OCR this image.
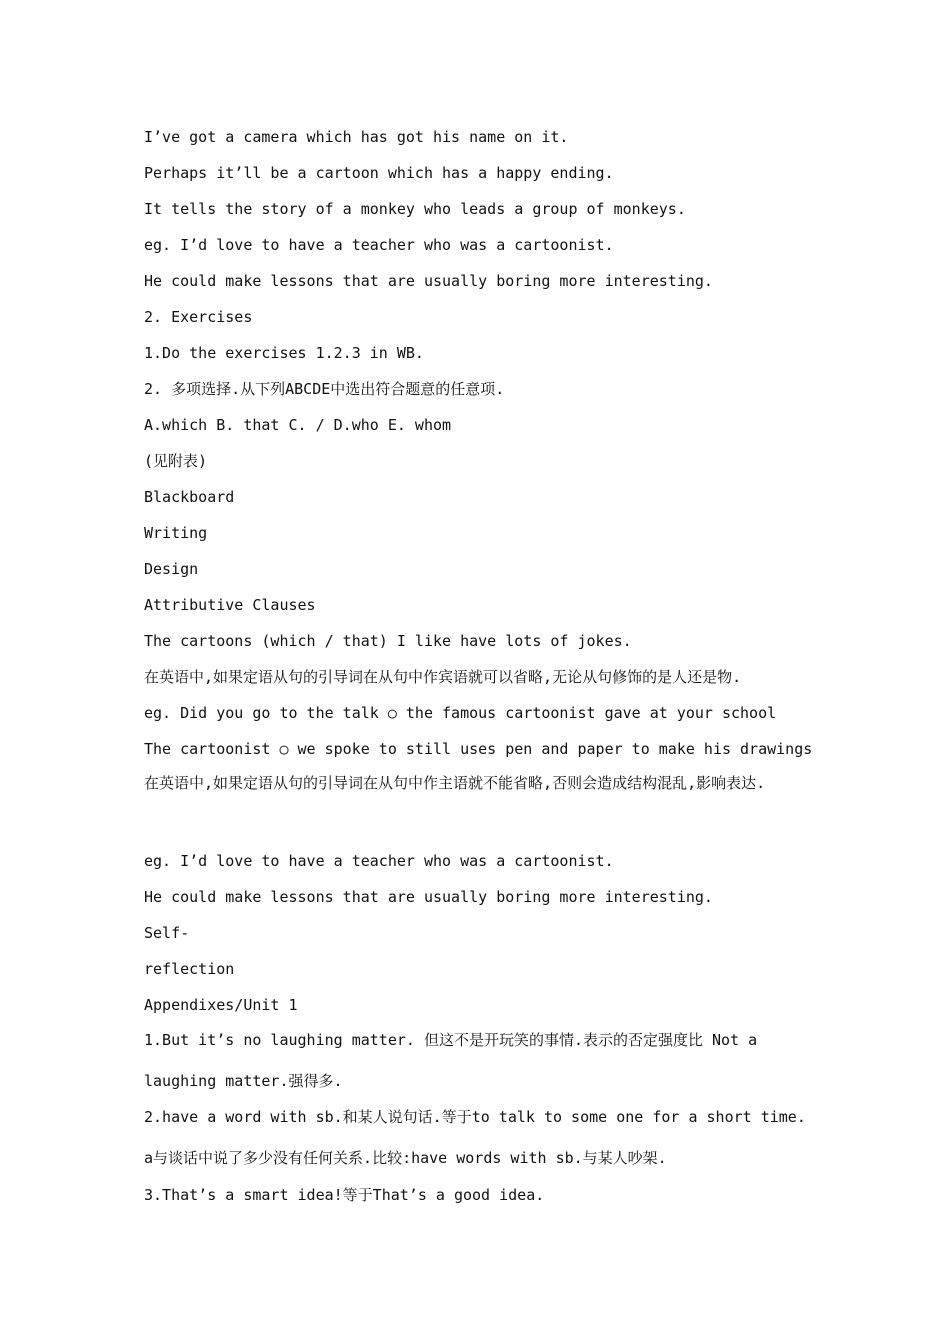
I’ve got a camera which has got his name on it.
Perhaps it’ll be a cartoon which has a happy ending.
It tells the story of a monkey who leads a group of monkeys.
eg. I’d love to have a teacher who was a cartoonist.
He could make lessons that are usually boring more interesting.
2. Exercises
1.Do the exercises 1.2.3 in WB.
2. 多项选择.从下列ABCDE中选出符合题意的任意项.
A.which B. that C. / D.who E. whom
(见附表)
Blackboard
Writing
Design
Attributive Clauses
The cartoons (which / that) I like have lots of jokes.
在英语中,如果定语从句的引导词在从句中作宾语就可以省略,无论从句修饰的是人还是物.
eg. Did you go to the talk ○ the famous cartoonist gave at your school
The cartoonist ○ we spoke to still uses pen and paper to make his drawings
在英语中,如果定语从句的引导词在从句中作主语就不能省略,否则会造成结构混乱,影响表达.
eg. I’d love to have a teacher who was a cartoonist.
He could make lessons that are usually boring more interesting.
Self-
reflection
Appendixes/Unit 1
1.But it’s no laughing matter. 但这不是开玩笑的事情.表示的否定强度比 Not a laughing matter.强得多.
2.have a word with sb.和某人说句话.等于to talk to some one for a short time. a与谈话中说了多少没有任何关系.比较:have words with sb.与某人吵架.
3.That’s a smart idea!等于That’s a good idea.
